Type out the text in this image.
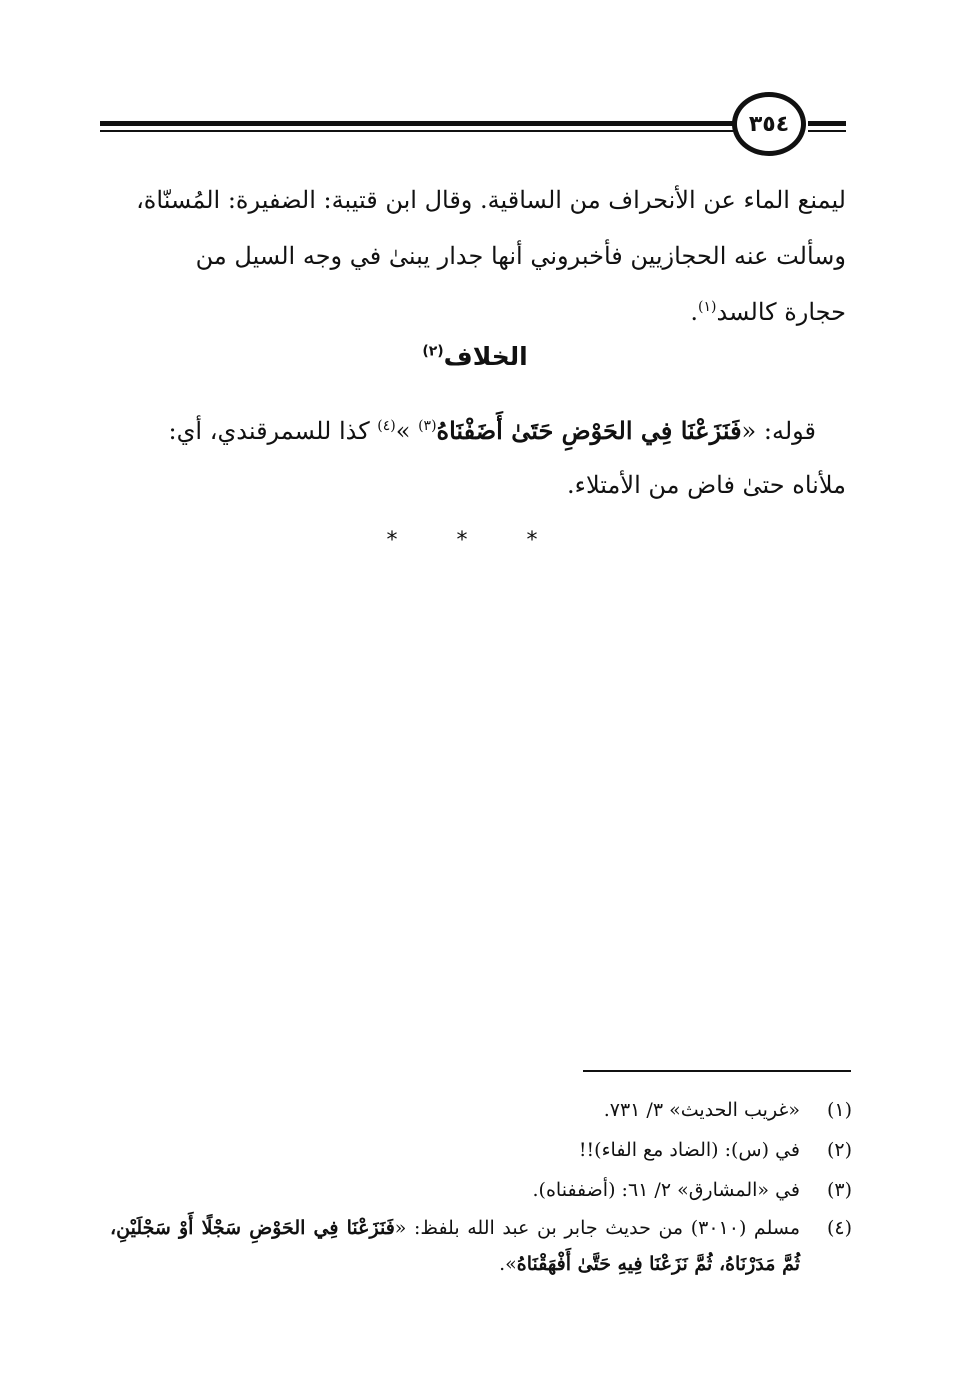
٣٥٤

ليمنع الماء عن الأنحراف من الساقية. وقال ابن قتيبة: الضفيرة: المُسنّاة،

وسألت عنه الحجازيين فأخبروني أنها جدار يبنىٰ في وجه السيل من

حجارة كالسد$^{(١)}$.

الخلاف$^{(٢)}$

قوله: «فَنَزَعْنَا فِي الحَوْضِ حَتَىٰ أَضَفْنَاهُ$^{(٣)}$ »$^{(٤)}$ كذا للسمرقندي، أي:

ملأناه حتىٰ فاض من الأمتلاء.

* * *
(١)
«غريب الحديث» ٣/ ٧٣١.
(٢)
في (س): (الضاد مع الفاء)!!
(٣)
في «المشارق» ٢/ ٦١: (أضففناه).
(٤)
مسلم (٣٠١٠) من حديث جابر بن عبد الله بلفظ: «فَنَزَعْنَا فِي الحَوْضِ سَجْلًا أَوْ سَجْلَيْنِ، ثُمَّ مَدَرْنَاهُ، ثُمَّ نَزَعْنَا فِيهِ حَتَّىٰ أَفْهَقْنَاهُ».
